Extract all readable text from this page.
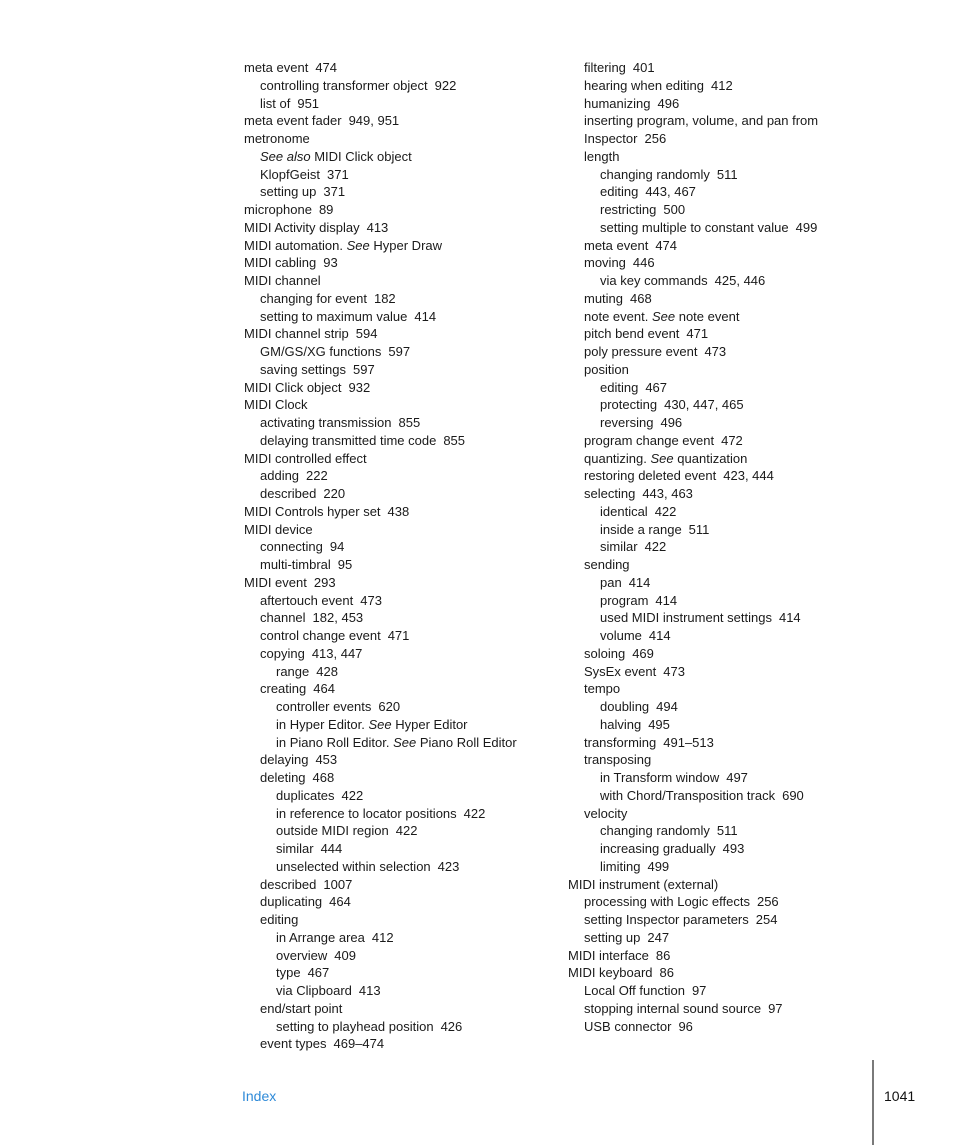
meta event 474
controlling transformer object 922
list of 951
meta event fader 949, 951
metronome
See also MIDI Click object
KlopfGeist 371
setting up 371
microphone 89
MIDI Activity display 413
MIDI automation. See Hyper Draw
MIDI cabling 93
MIDI channel
changing for event 182
setting to maximum value 414
MIDI channel strip 594
GM/GS/XG functions 597
saving settings 597
MIDI Click object 932
MIDI Clock
activating transmission 855
delaying transmitted time code 855
MIDI controlled effect
adding 222
described 220
MIDI Controls hyper set 438
MIDI device
connecting 94
multi-timbral 95
MIDI event 293
aftertouch event 473
channel 182, 453
control change event 471
copying 413, 447
range 428
creating 464
controller events 620
in Hyper Editor. See Hyper Editor
in Piano Roll Editor. See Piano Roll Editor
delaying 453
deleting 468
duplicates 422
in reference to locator positions 422
outside MIDI region 422
similar 444
unselected within selection 423
described 1007
duplicating 464
editing
in Arrange area 412
overview 409
type 467
via Clipboard 413
end/start point
setting to playhead position 426
event types 469–474
filtering 401
hearing when editing 412
humanizing 496
inserting program, volume, and pan from
Inspector 256
length
changing randomly 511
editing 443, 467
restricting 500
setting multiple to constant value 499
meta event 474
moving 446
via key commands 425, 446
muting 468
note event. See note event
pitch bend event 471
poly pressure event 473
position
editing 467
protecting 430, 447, 465
reversing 496
program change event 472
quantizing. See quantization
restoring deleted event 423, 444
selecting 443, 463
identical 422
inside a range 511
similar 422
sending
pan 414
program 414
used MIDI instrument settings 414
volume 414
soloing 469
SysEx event 473
tempo
doubling 494
halving 495
transforming 491–513
transposing
in Transform window 497
with Chord/Transposition track 690
velocity
changing randomly 511
increasing gradually 493
limiting 499
MIDI instrument (external)
processing with Logic effects 256
setting Inspector parameters 254
setting up 247
MIDI interface 86
MIDI keyboard 86
Local Off function 97
stopping internal sound source 97
USB connector 96
Index	1041
